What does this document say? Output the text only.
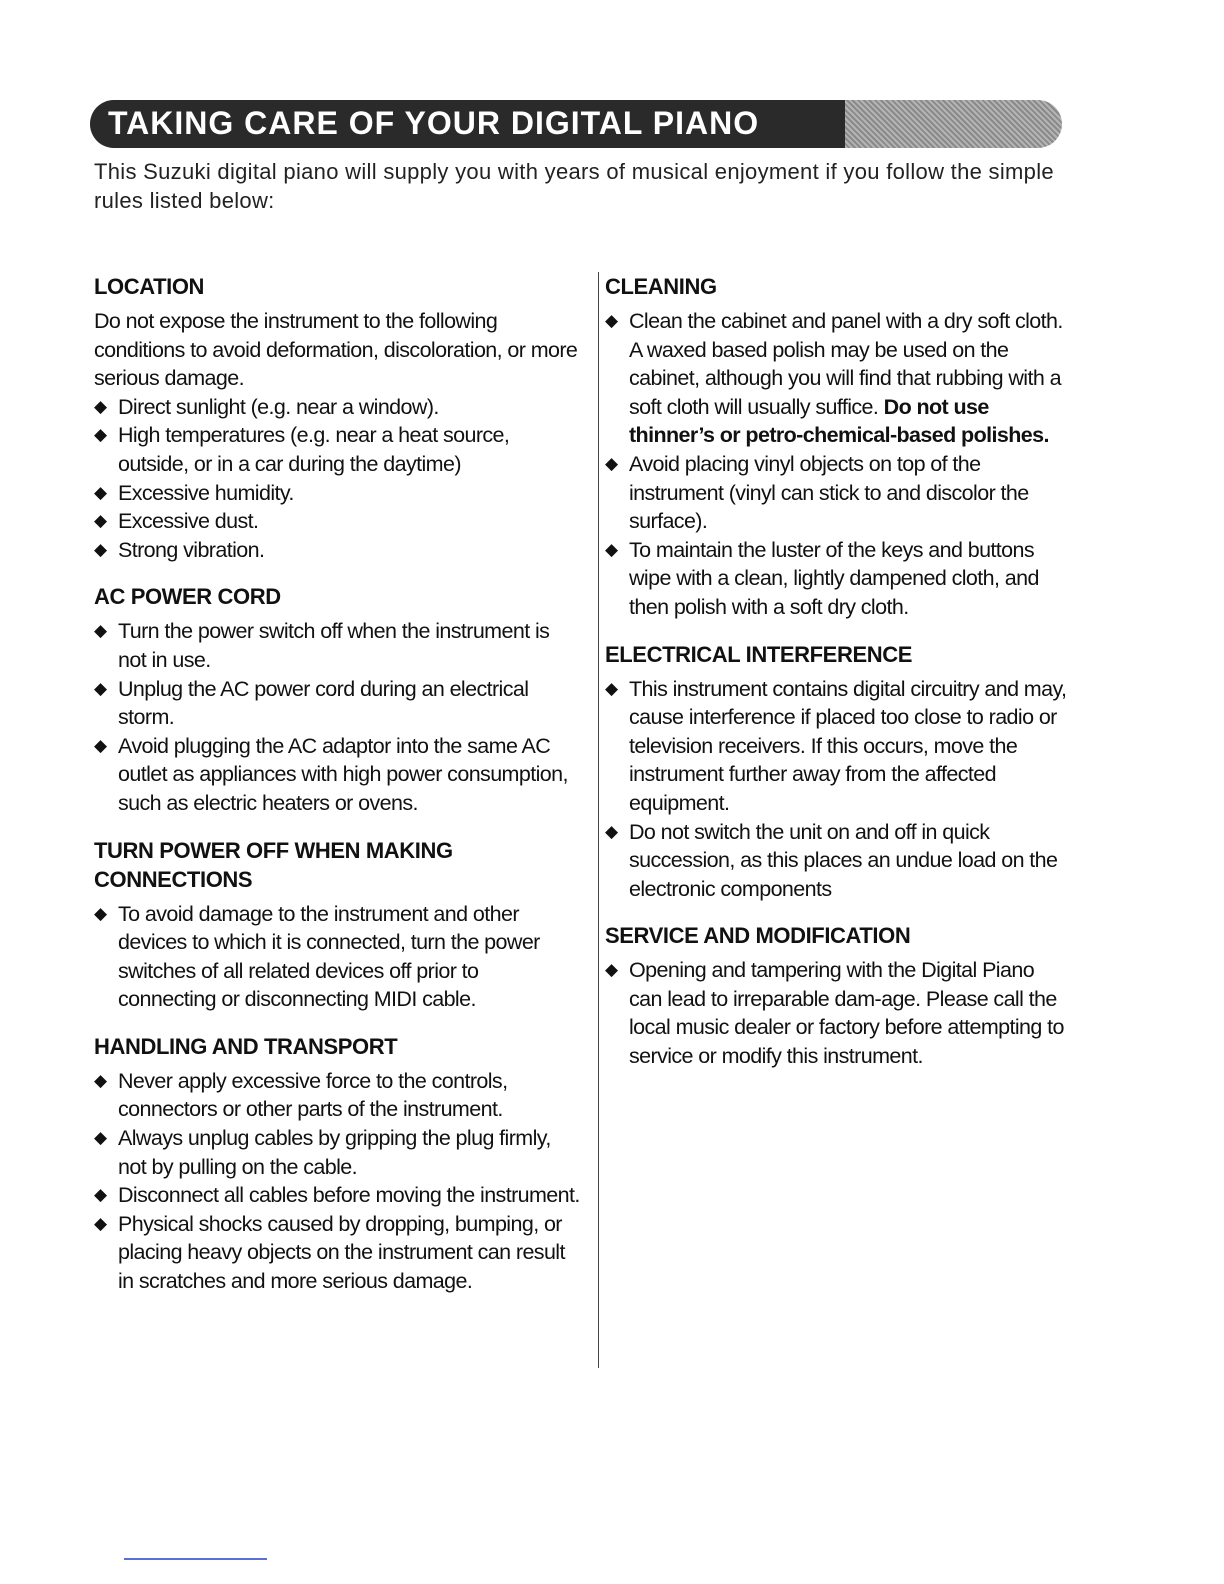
TAKING CARE OF YOUR DIGITAL PIANO

This Suzuki digital piano will supply you with years of musical enjoyment if you follow the simple rules listed below:

LOCATION

Do not expose the instrument to the following conditions to avoid deformation, discoloration, or more serious damage.

◆ Direct sunlight (e.g. near a window).
◆ High temperatures (e.g. near a heat source, outside, or in a car during the daytime)
◆ Excessive humidity.
◆ Excessive dust.
◆ Strong vibration.
AC POWER CORD
◆ Turn the power switch off when the instrument is not in use.
◆ Unplug the AC power cord during an electrical storm.
◆ Avoid plugging the AC adaptor into the same AC outlet as appliances with high power consumption, such as electric heaters or ovens.
TURN POWER OFF WHEN MAKING CONNECTIONS
◆ To avoid damage to the instrument and other devices to which it is connected, turn the power switches of all related devices off prior to connecting or disconnecting MIDI cable.
HANDLING AND TRANSPORT
◆ Never apply excessive force to the controls, connectors or other parts of the instrument.
◆ Always unplug cables by gripping the plug firmly, not by pulling on the cable.
◆ Disconnect all cables before moving the instrument.
◆ Physical shocks caused by dropping, bumping, or placing heavy objects on the instrument can result in scratches and more serious damage.
CLEANING
◆ Clean the cabinet and panel with a dry soft cloth. A waxed based polish may be used on the cabinet, although you will find that rubbing with a soft cloth will usually suffice. Do not use thinner’s or petro-chemical-based polishes.
◆ Avoid placing vinyl objects on top of the instrument (vinyl can stick to and discolor the surface).
◆ To maintain the luster of the keys and buttons wipe with a clean, lightly dampened cloth, and then polish with a soft dry cloth.
ELECTRICAL INTERFERENCE
◆ This instrument contains digital circuitry and may, cause interference if placed too close to radio or television receivers. If this occurs, move the instrument further away from the affected equipment.
◆ Do not switch the unit on and off in quick succession, as this places an undue load on the electronic components
SERVICE AND MODIFICATION
◆ Opening and tampering with the Digital Piano can lead to irreparable dam-age. Please call the local music dealer or factory before attempting to service or modify this instrument.
